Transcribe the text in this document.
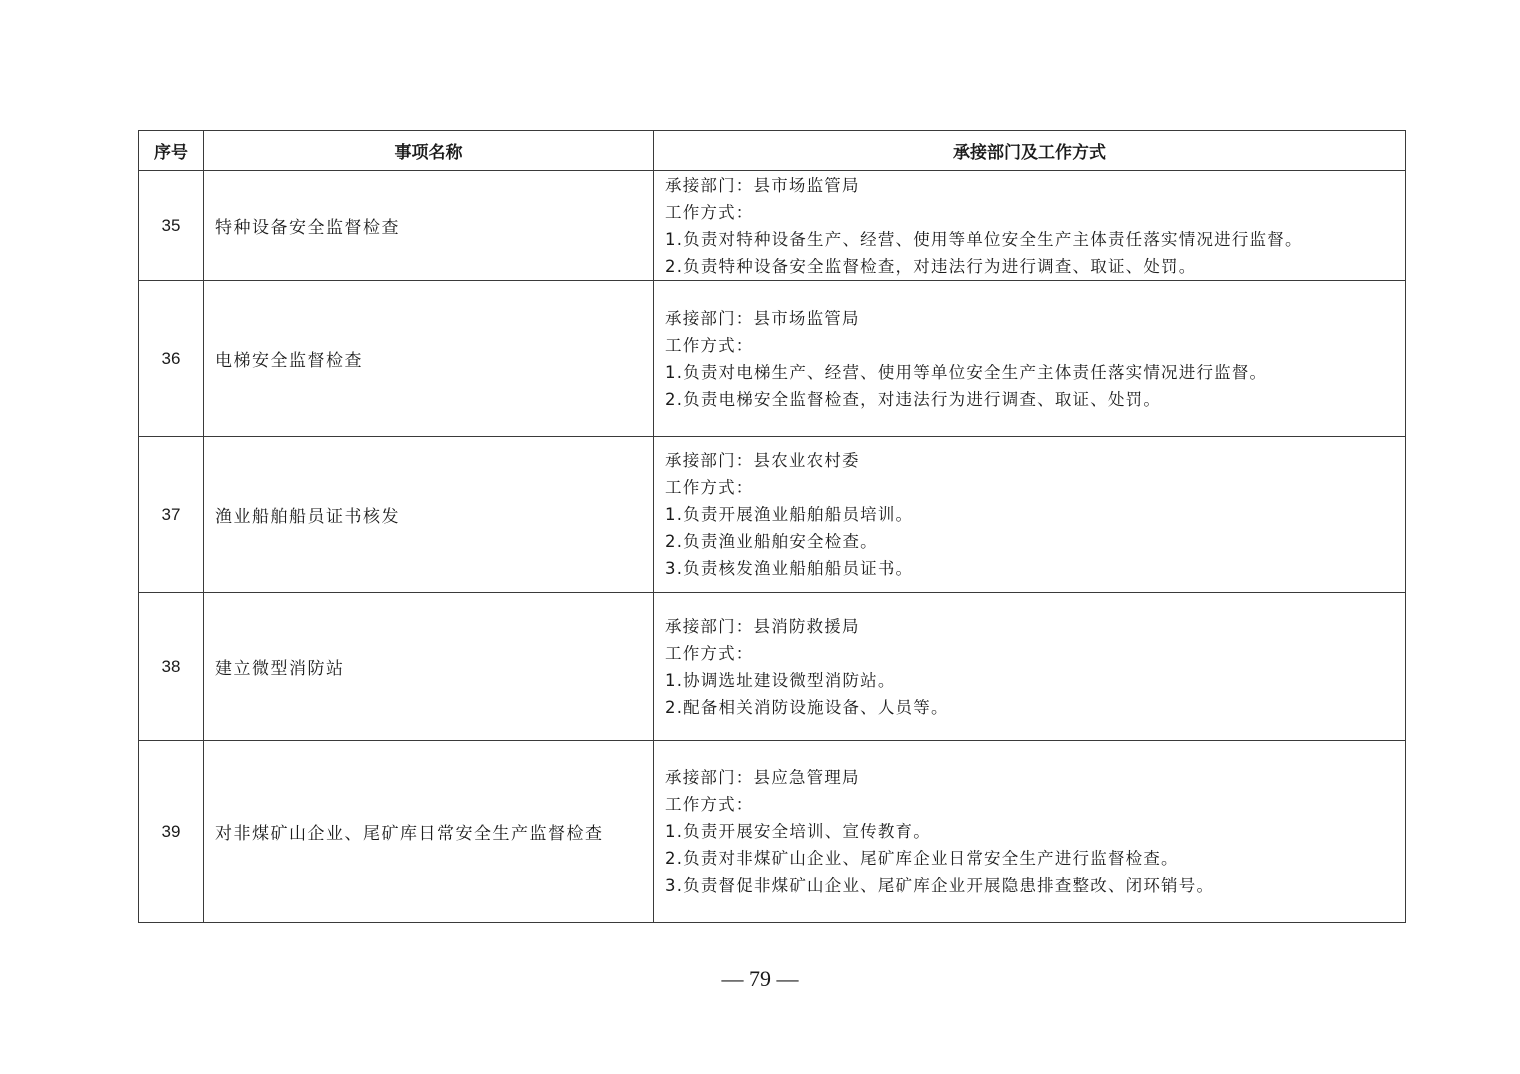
序号	事项名称	承接部门及工作方式
35	特种设备安全监督检查	承接部门：县市场监管局
工作方式：
1.负责对特种设备生产、经营、使用等单位安全生产主体责任落实情况进行监督。
2.负责特种设备安全监督检查，对违法行为进行调查、取证、处罚。

36	电梯安全监督检查	承接部门：县市场监管局
工作方式：
1.负责对电梯生产、经营、使用等单位安全生产主体责任落实情况进行监督。
2.负责电梯安全监督检查，对违法行为进行调查、取证、处罚。

37	渔业船舶船员证书核发	承接部门：县农业农村委
工作方式：
1.负责开展渔业船舶船员培训。
2.负责渔业船舶安全检查。
3.负责核发渔业船舶船员证书。

38	建立微型消防站	承接部门：县消防救援局
工作方式：
1.协调选址建设微型消防站。
2.配备相关消防设施设备、人员等。

39	对非煤矿山企业、尾矿库日常安全生产监督检查	承接部门：县应急管理局
工作方式：
1.负责开展安全培训、宣传教育。
2.负责对非煤矿山企业、尾矿库企业日常安全生产进行监督检查。
3.负责督促非煤矿山企业、尾矿库企业开展隐患排查整改、闭环销号。
— 79 —
